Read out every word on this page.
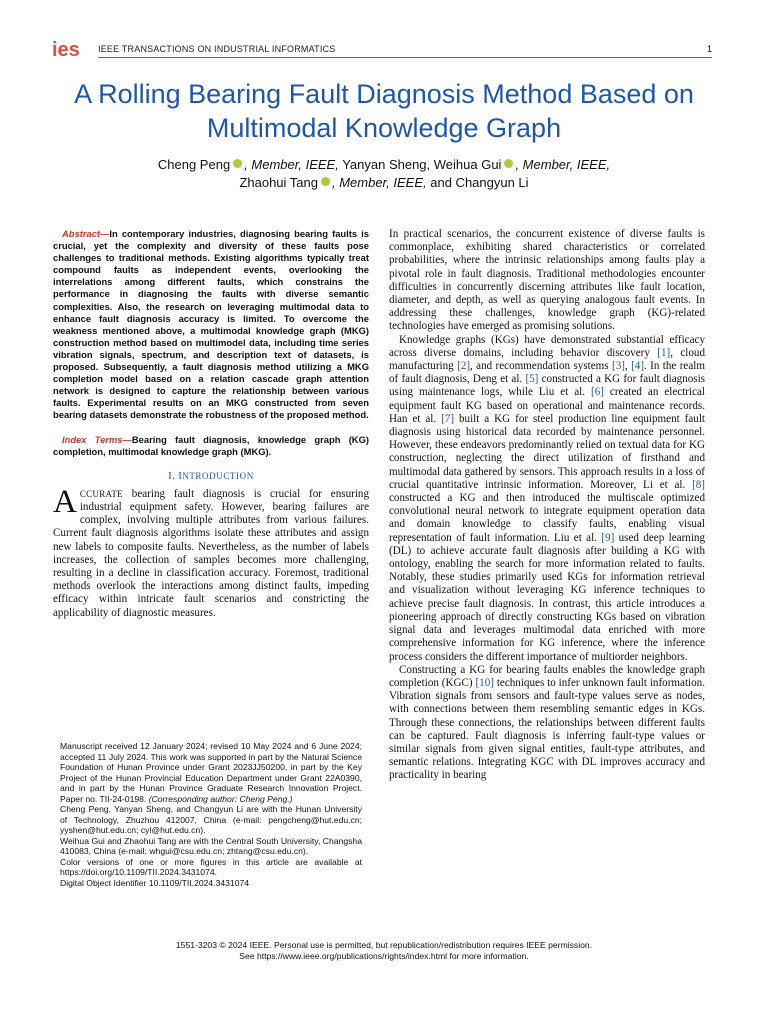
ies IEEE TRANSACTIONS ON INDUSTRIAL INFORMATICS	1
A Rolling Bearing Fault Diagnosis Method Based on Multimodal Knowledge Graph
Cheng Peng , Member, IEEE, Yanyan Sheng, Weihua Gui , Member, IEEE,
Zhaohui Tang , Member, IEEE, and Changyun Li

Abstract—In contemporary industries, diagnosing bearing faults is crucial, yet the complexity and diversity of these faults pose challenges to traditional methods. Existing algorithms typically treat compound faults as independent events, overlooking the interrelations among different faults, which constrains the performance in diagnosing the faults with diverse semantic complexities. Also, the research on leveraging multimodal data to enhance fault diagnosis accuracy is limited. To overcome the weakness mentioned above, a multimodal knowledge graph (MKG) construction method based on multimodel data, including time series vibration signals, spectrum, and description text of datasets, is proposed. Subsequently, a fault diagnosis method utilizing a MKG completion model based on a relation cascade graph attention network is designed to capture the relationship between various faults. Experimental results on an MKG constructed from seven bearing datasets demonstrate the robustness of the proposed method.

Index Terms—Bearing fault diagnosis, knowledge graph (KG) completion, multimodal knowledge graph (MKG).

I. INTRODUCTION

ACCURATE bearing fault diagnosis is crucial for ensuring industrial equipment safety. However, bearing failures are complex, involving multiple attributes from various failures. Current fault diagnosis algorithms isolate these attributes and assign new labels to composite faults. Nevertheless, as the number of labels increases, the collection of samples becomes more challenging, resulting in a decline in classification accuracy. Foremost, traditional methods overlook the interactions among distinct faults, impeding efficacy within intricate fault scenarios and constricting the applicability of diagnostic measures.

Manuscript received 12 January 2024; revised 10 May 2024 and 6 June 2024; accepted 11 July 2024. This work was supported in part by the Natural Science Foundation of Hunan Province under Grant 2023JJ50200, in part by the Key Project of the Hunan Provincial Education Department under Grant 22A0390, and in part by the Hunan Province Graduate Research Innovation Project. Paper no. TII-24-0198. (Corresponding author: Cheng Peng.)

Cheng Peng, Yanyan Sheng, and Changyun Li are with the Hunan University of Technology, Zhuzhou 412007, China (e-mail: pengcheng@hut.edu.cn; yyshen@hut.edu.cn; cyl@hut.edu.cn).

Weihua Gui and Zhaohui Tang are with the Central South University, Changsha 410083, China (e-mail: whgui@csu.edu.cn; zhtang@csu.edu.cn).

Color versions of one or more figures in this article are available at https://doi.org/10.1109/TII.2024.3431074.

Digital Object Identifier 10.1109/TII.2024.3431074

In practical scenarios, the concurrent existence of diverse faults is commonplace, exhibiting shared characteristics or correlated probabilities, where the intrinsic relationships among faults play a pivotal role in fault diagnosis. Traditional methodologies encounter difficulties in concurrently discerning attributes like fault location, diameter, and depth, as well as querying analogous fault events. In addressing these challenges, knowledge graph (KG)-related technologies have emerged as promising solutions.

Knowledge graphs (KGs) have demonstrated substantial efficacy across diverse domains, including behavior discovery [1], cloud manufacturing [2], and recommendation systems [3], [4]. In the realm of fault diagnosis, Deng et al. [5] constructed a KG for fault diagnosis using maintenance logs, while Liu et al. [6] created an electrical equipment fault KG based on operational and maintenance records. Han et al. [7] built a KG for steel production line equipment fault diagnosis using historical data recorded by maintenance personnel. However, these endeavors predominantly relied on textual data for KG construction, neglecting the direct utilization of firsthand and multimodal data gathered by sensors. This approach results in a loss of crucial quantitative intrinsic information. Moreover, Li et al. [8] constructed a KG and then introduced the multiscale optimized convolutional neural network to integrate equipment operation data and domain knowledge to classify faults, enabling visual representation of fault information. Liu et al. [9] used deep learning (DL) to achieve accurate fault diagnosis after building a KG with ontology, enabling the search for more information related to faults. Notably, these studies primarily used KGs for information retrieval and visualization without leveraging KG inference techniques to achieve precise fault diagnosis. In contrast, this article introduces a pioneering approach of directly constructing KGs based on vibration signal data and leverages multimodal data enriched with more comprehensive information for KG inference, where the inference process considers the different importance of multiorder neighbors.

Constructing a KG for bearing faults enables the knowledge graph completion (KGC) [10] techniques to infer unknown fault information. Vibration signals from sensors and fault-type values serve as nodes, with connections between them resembling semantic edges in KGs. Through these connections, the relationships between different faults can be captured. Fault diagnosis is inferring fault-type values or similar signals from given signal entities, fault-type attributes, and semantic relations. Integrating KGC with DL improves accuracy and practicality in bearing

1551-3203 © 2024 IEEE. Personal use is permitted, but republication/redistribution requires IEEE permission.
See https://www.ieee.org/publications/rights/index.html for more information.
